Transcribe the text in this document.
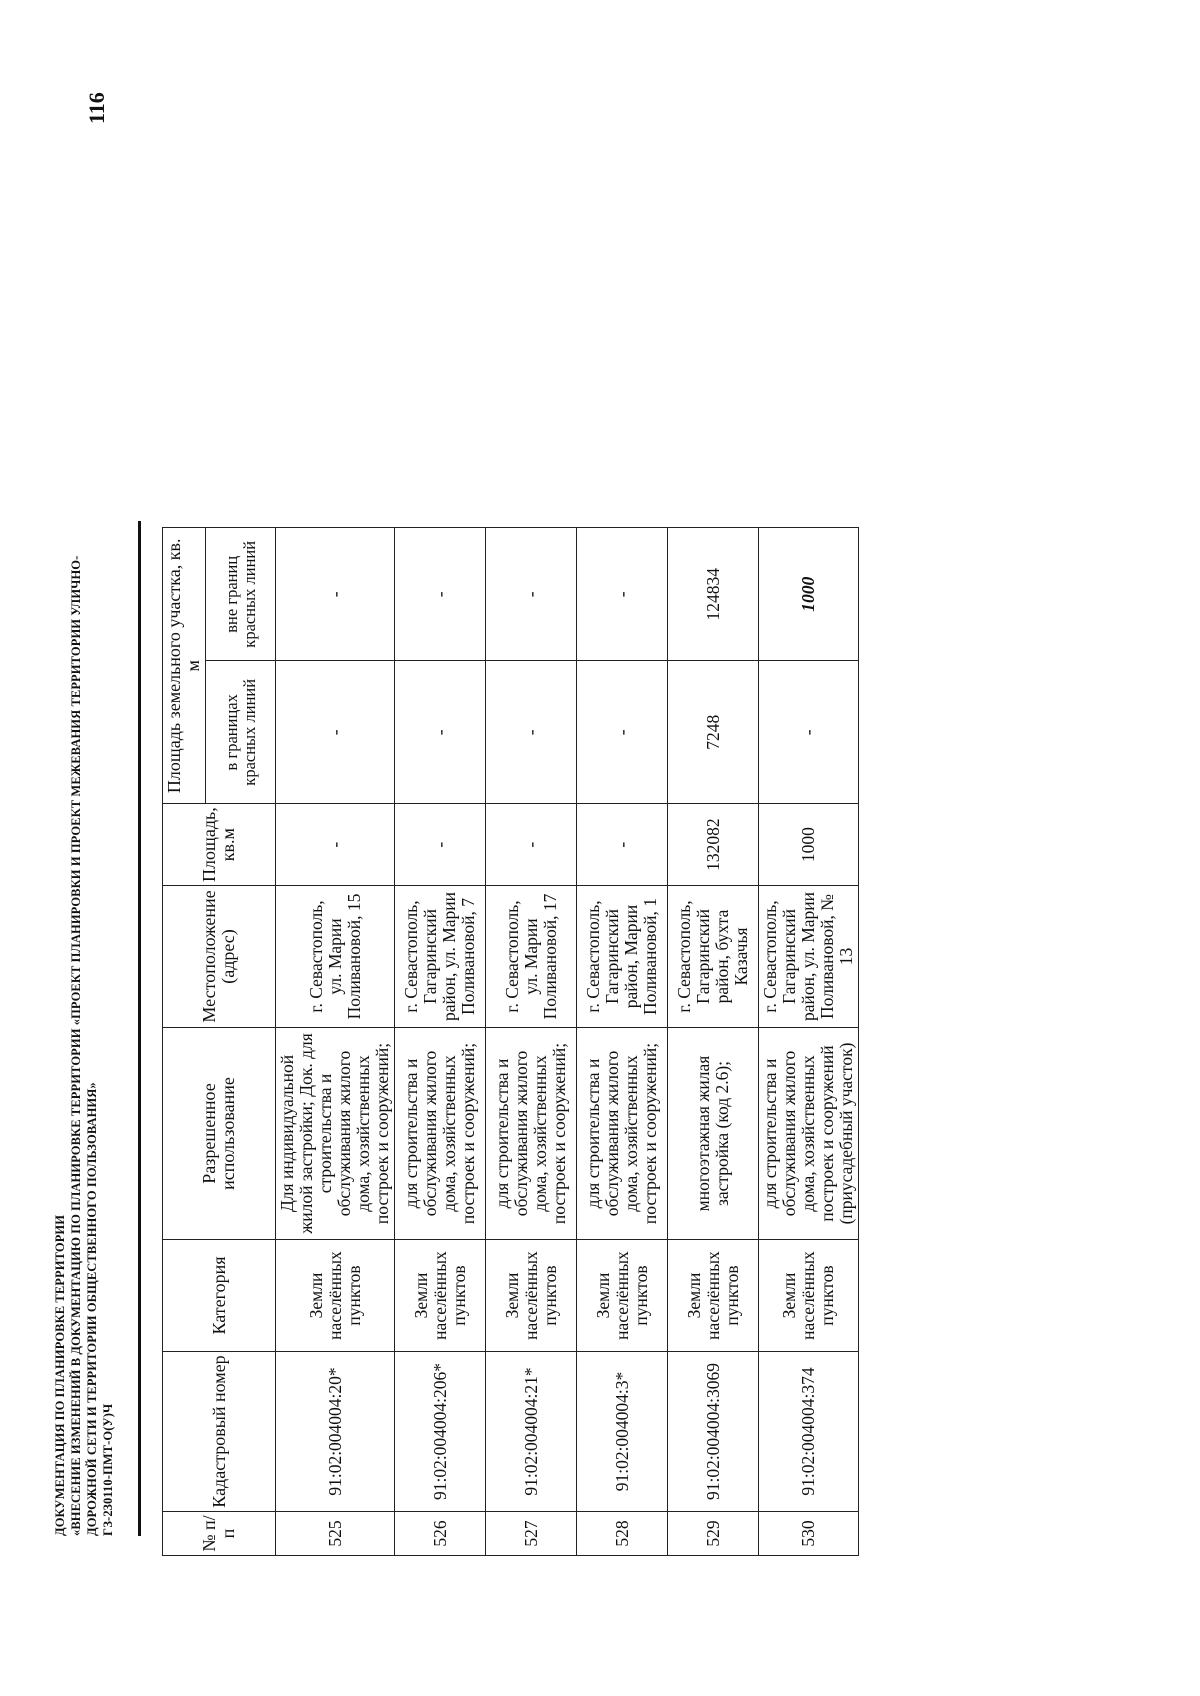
ДОКУМЕНТАЦИЯ ПО ПЛАНИРОВКЕ ТЕРРИТОРИИ «ВНЕСЕНИЕ ИЗМЕНЕНИЙ В ДОКУМЕНТАЦИЮ ПО ПЛАНИРОВКЕ ТЕРРИТОРИИ «ПРОЕКТ ПЛАНИРОВКИ И ПРОЕКТ МЕЖЕВАНИЯ ТЕРРИТОРИИ УЛИЧНО- ДОРОЖНОЙ СЕТИ И ТЕРРИТОРИИ ОБЩЕСТВЕННОГО ПОЛЬЗОВАНИЯ» ГЗ-230110-ПМТ-О(У)Ч
116
№ п/п	Кадастровый номер	Категория	Разрешенное использование	Местоположение (адрес)	Площадь, кв.м	Площадь земельного участка, кв. м	
						в границах красных линий	вне границ красных линий
525	91:02:004004:20*	Земли населённых пунктов	Для индивидуальной жилой застройки; Док. для строительства и обслуживания жилого дома, хозяйственных построек и сооружений;	г. Севастополь, ул. Марии Поливановой, 15	-	-	-
526	91:02:004004:206*	Земли населённых пунктов	для строительства и обслуживания жилого дома, хозяйственных построек и сооружений;	г. Севастополь, Гагаринский район, ул. Марии Поливановой, 7	-	-	-
527	91:02:004004:21*	Земли населённых пунктов	для строительства и обслуживания жилого дома, хозяйственных построек и сооружений;	г. Севастополь, ул. Марии Поливановой, 17	-	-	-
528	91:02:004004:3*	Земли населённых пунктов	для строительства и обслуживания жилого дома, хозяйственных построек и сооружений;	г. Севастополь, Гагаринский район, Марии Поливановой, 1	-	-	-
529	91:02:004004:3069	Земли населённых пунктов	многоэтажная жилая застройка (код 2.6);	г. Севастополь, Гагаринский район, бухта Казачья	132082	7248	124834
530	91:02:004004:374	Земли населённых пунктов	для строительства и обслуживания жилого дома, хозяйственных построек и сооружений (приусадебный участок)	г. Севастополь, Гагаринский район, ул. Марии Поливановой, № 13	1000	-	1000
